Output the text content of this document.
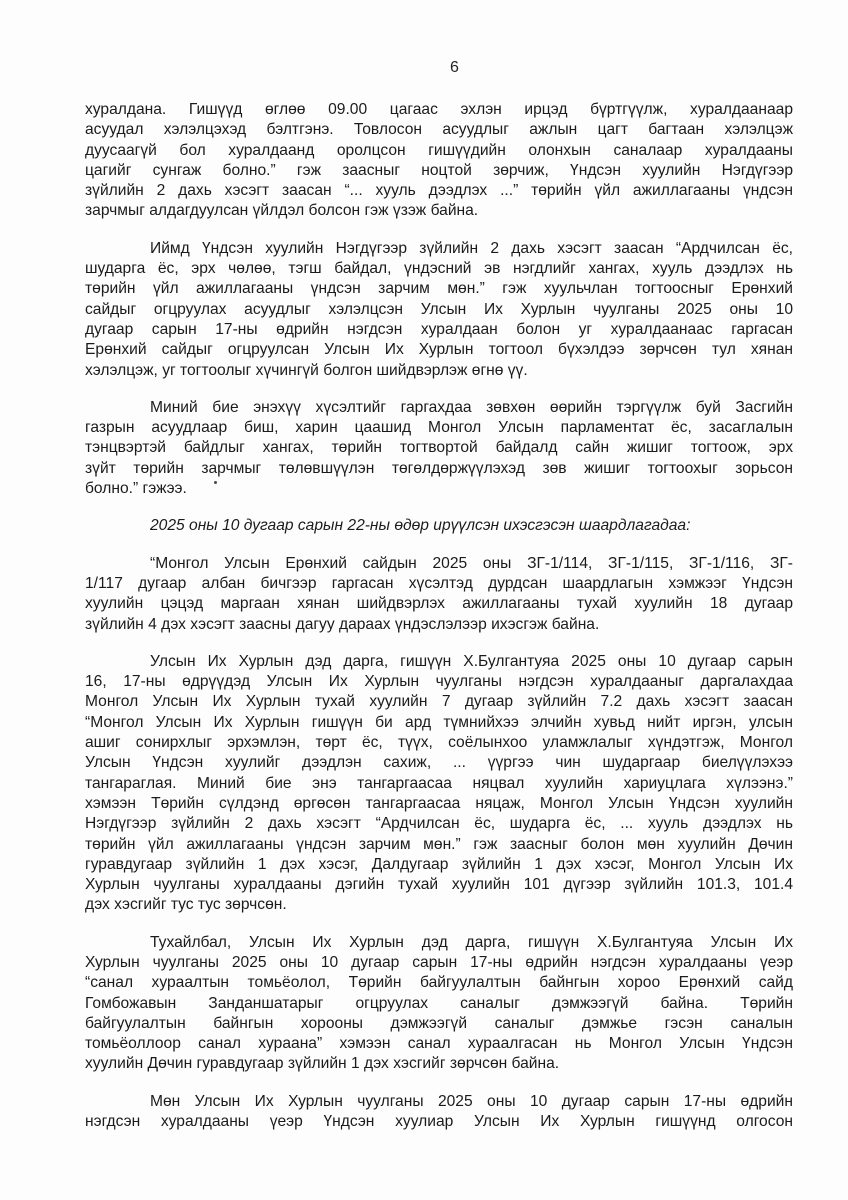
6
хуралдана. Гишүүд өглөө 09.00 цагаас эхлэн ирцэд бүртгүүлж, хуралдаанаар
асуудал хэлэлцэхэд бэлтгэнэ. Товлосон асуудлыг ажлын цагт багтаан хэлэлцэж
дуусаагүй бол хуралдаанд оролцсон гишүүдийн олонхын саналаар хуралдааны
цагийг сунгаж болно.” гэж заасныг ноцтой зөрчиж, Үндсэн хуулийн Нэгдүгээр
зүйлийн 2 дахь хэсэгт заасан “... хууль дээдлэх ...” төрийн үйл ажиллагааны үндсэн
зарчмыг алдагдуулсан үйлдэл болсон гэж үзэж байна.
Иймд Үндсэн хуулийн Нэгдүгээр зүйлийн 2 дахь хэсэгт заасан “Ардчилсан ёс,
шударга ёс, эрх чөлөө, тэгш байдал, үндэсний эв нэгдлийг хангах, хууль дээдлэх нь
төрийн үйл ажиллагааны үндсэн зарчим мөн.” гэж хуульчлан тогтоосныг Ерөнхий
сайдыг огцруулах асуудлыг хэлэлцсэн Улсын Их Хурлын чуулганы 2025 оны 10
дугаар сарын 17-ны өдрийн нэгдсэн хуралдаан болон уг хуралдаанаас гаргасан
Ерөнхий сайдыг огцруулсан Улсын Их Хурлын тогтоол бүхэлдээ зөрчсөн тул хянан
хэлэлцэж, уг тогтоолыг хүчингүй болгон шийдвэрлэж өгнө үү.
Миний бие энэхүү хүсэлтийг гаргахдаа зөвхөн өөрийн тэргүүлж буй Засгийн
газрын асуудлаар биш, харин цаашид Монгол Улсын парламентат ёс, засаглалын
тэнцвэртэй байдлыг хангах, төрийн тогтвортой байдалд сайн жишиг тогтоож, эрх
зүйт төрийн зарчмыг төлөвшүүлэн төгөлдөржүүлэхэд зөв жишиг тогтоохыг зорьсон
болно.” гэжээ.
2025 оны 10 дугаар сарын 22-ны өдөр ирүүлсэн ихэсгэсэн шаардлагадаа:
“Монгол Улсын Ерөнхий сайдын 2025 оны ЗГ-1/114, ЗГ-1/115, ЗГ-1/116, ЗГ-
1/117 дугаар албан бичгээр гаргасан хүсэлтэд дурдсан шаардлагын хэмжээг Үндсэн
хуулийн цэцэд маргаан хянан шийдвэрлэх ажиллагааны тухай хуулийн 18 дугаар
зүйлийн 4 дэх хэсэгт заасны дагуу дараах үндэслэлээр ихэсгэж байна.
Улсын Их Хурлын дэд дарга, гишүүн Х.Булгантуяа 2025 оны 10 дугаар сарын
16, 17-ны өдрүүдэд Улсын Их Хурлын чуулганы нэгдсэн хуралдааныг даргалахдаа
Монгол Улсын Их Хурлын тухай хуулийн 7 дугаар зүйлийн 7.2 дахь хэсэгт заасан
“Монгол Улсын Их Хурлын гишүүн би ард түмнийхээ элчийн хувьд нийт иргэн, улсын
ашиг сонирхлыг эрхэмлэн, төрт ёс, түүх, соёлынхоо уламжлалыг хүндэтгэж, Монгол
Улсын Үндсэн хуулийг дээдлэн сахиж, ... үүргээ чин шударгаар биелүүлэхээ
тангараглая. Миний бие энэ тангаргаасаа няцвал хуулийн хариуцлага хүлээнэ.”
хэмээн Төрийн сүлдэнд өргөсөн тангаргаасаа няцаж, Монгол Улсын Үндсэн хуулийн
Нэгдүгээр зүйлийн 2 дахь хэсэгт “Ардчилсан ёс, шударга ёс, ... хууль дээдлэх нь
төрийн үйл ажиллагааны үндсэн зарчим мөн.” гэж заасныг болон мөн хуулийн Дөчин
гуравдугаар зүйлийн 1 дэх хэсэг, Далдугаар зүйлийн 1 дэх хэсэг, Монгол Улсын Их
Хурлын чуулганы хуралдааны дэгийн тухай хуулийн 101 дүгээр зүйлийн 101.3, 101.4
дэх хэсгийг тус тус зөрчсөн.
Тухайлбал, Улсын Их Хурлын дэд дарга, гишүүн Х.Булгантуяа Улсын Их
Хурлын чуулганы 2025 оны 10 дугаар сарын 17-ны өдрийн нэгдсэн хуралдааны үеэр
“санал хураалтын томьёолол, Төрийн байгуулалтын байнгын хороо Ерөнхий сайд
Гомбожавын Занданшатарыг огцруулах саналыг дэмжээгүй байна. Төрийн
байгуулалтын байнгын хорооны дэмжээгүй саналыг дэмжье гэсэн саналын
томьёоллоор санал хураана” хэмээн санал хураалгасан нь Монгол Улсын Үндсэн
хуулийн Дөчин гуравдугаар зүйлийн 1 дэх хэсгийг зөрчсөн байна.
Мөн Улсын Их Хурлын чуулганы 2025 оны 10 дугаар сарын 17-ны өдрийн
нэгдсэн хуралдааны үеэр Үндсэн хуулиар Улсын Их Хурлын гишүүнд олгосон
